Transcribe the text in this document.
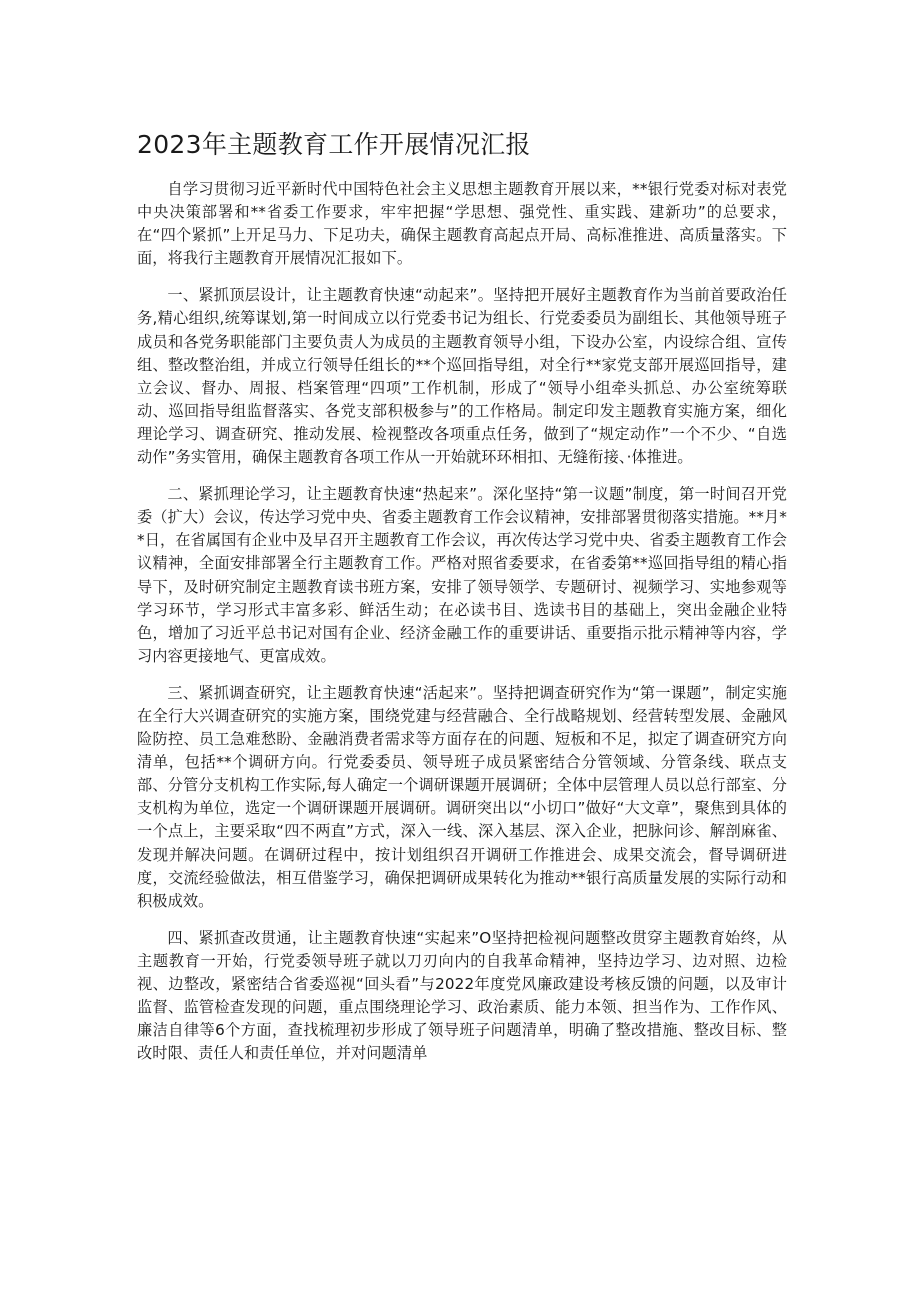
2023年主题教育工作开展情况汇报

自学习贯彻习近平新时代中国特色社会主义思想主题教育开展以来，**银行党委对标对表党中央决策部署和**省委工作要求，牢牢把握“学思想、强党性、重实践、建新功”的总要求，在“四个紧抓”上开足马力、下足功夫，确保主题教育高起点开局、高标准推进、高质量落实。下面，将我行主题教育开展情况汇报如下。

一、紧抓顶层设计，让主题教育快速“动起来”。坚持把开展好主题教育作为当前首要政治任务,精心组织,统筹谋划,第一时间成立以行党委书记为组长、行党委委员为副组长、其他领导班子成员和各党务职能部门主要负责人为成员的主题教育领导小组，下设办公室，内设综合组、宣传组、整改整治组，并成立行领导任组长的**个巡回指导组，对全行**家党支部开展巡回指导，建立会议、督办、周报、档案管理“四项”工作机制，形成了“领导小组牵头抓总、办公室统筹联动、巡回指导组监督落实、各党支部积极参与”的工作格局。制定印发主题教育实施方案，细化理论学习、调查研究、推动发展、检视整改各项重点任务，做到了“规定动作”一个不少、“自选动作”务实管用，确保主题教育各项工作从一开始就环环相扣、无缝衔接、·体推进。

二、紧抓理论学习，让主题教育快速“热起来”。深化坚持“第一议题”制度，第一时间召开党委（扩大）会议，传达学习党中央、省委主题教育工作会议精神，安排部署贯彻落实措施。**月**日，在省属国有企业中及早召开主题教育工作会议，再次传达学习党中央、省委主题教育工作会议精神，全面安排部署全行主题教育工作。严格对照省委要求，在省委第**巡回指导组的精心指导下，及时研究制定主题教育读书班方案，安排了领导领学、专题研讨、视频学习、实地参观等学习环节，学习形式丰富多彩、鲜活生动；在必读书目、选读书目的基础上，突出金融企业特色，增加了习近平总书记对国有企业、经济金融工作的重要讲话、重要指示批示精神等内容，学习内容更接地气、更富成效。

三、紧抓调查研究，让主题教育快速“活起来”。坚持把调查研究作为“第一课题”，制定实施在全行大兴调查研究的实施方案，围绕党建与经营融合、全行战略规划、经营转型发展、金融风险防控、员工急难愁盼、金融消费者需求等方面存在的问题、短板和不足，拟定了调查研究方向清单，包括**个调研方向。行党委委员、领导班子成员紧密结合分管领域、分管条线、联点支部、分管分支机构工作实际,每人确定一个调研课题开展调研；全体中层管理人员以总行部室、分支机构为单位，选定一个调研课题开展调研。调研突出以“小切口”做好“大文章”，聚焦到具体的一个点上，主要采取“四不两直”方式，深入一线、深入基层、深入企业，把脉问诊、解剖麻雀、发现并解决问题。在调研过程中，按计划组织召开调研工作推进会、成果交流会，督导调研进度，交流经验做法，相互借鉴学习，确保把调研成果转化为推动**银行高质量发展的实际行动和积极成效。

四、紧抓查改贯通，让主题教育快速“实起来”O坚持把检视问题整改贯穿主题教育始终，从主题教育一开始，行党委领导班子就以刀刃向内的自我革命精神，坚持边学习、边对照、边检视、边整改，紧密结合省委巡视“回头看”与2022年度党风廉政建设考核反馈的问题，以及审计监督、监管检查发现的问题，重点围绕理论学习、政治素质、能力本领、担当作为、工作作风、廉洁自律等6个方面，查找梳理初步形成了领导班子问题清单，明确了整改措施、整改目标、整改时限、责任人和责任单位，并对问题清单
